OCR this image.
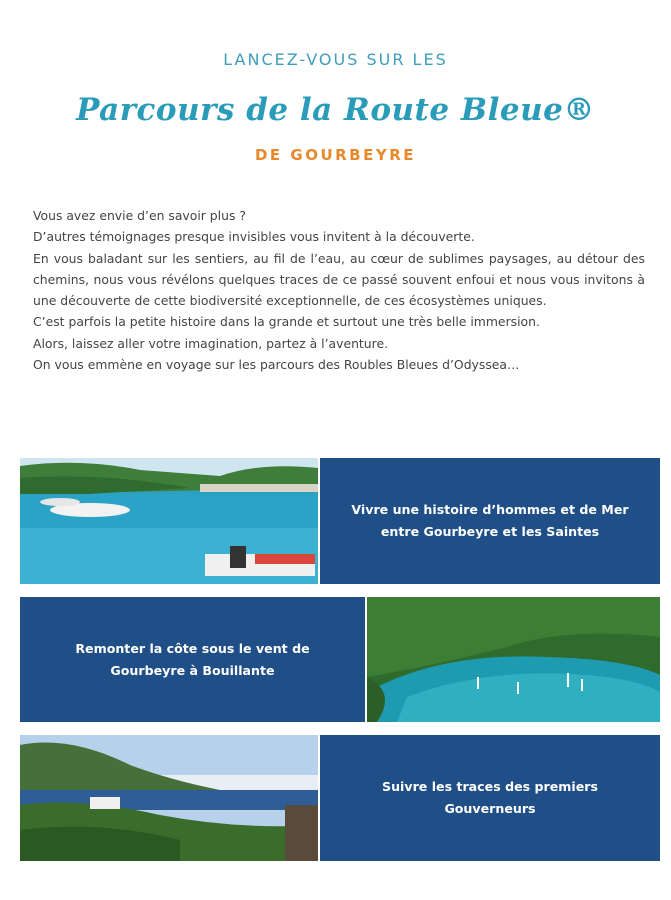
LANCEZ-VOUS SUR LES
Parcours de la Route Bleue®
DE GOURBEYRE

Vous avez envie d’en savoir plus ?

D’autres témoignages presque invisibles vous invitent à la découverte.

En vous baladant sur les sentiers, au fil de l’eau, au cœur de sublimes paysages, au détour des chemins, nous vous révélons quelques traces de ce passé souvent enfoui et nous vous invitons à une découverte de cette biodiversité exceptionnelle, de ces écosystèmes uniques.

C’est parfois la petite histoire dans la grande et surtout une très belle immersion.

Alors, laissez aller votre imagination, partez à l’aventure.

On vous emmène en voyage sur les parcours des Roubles Bleues d’Odyssea…

Vivre une histoire d’hommes et de Mer entre Gourbeyre et les Saintes
Remonter la côte sous le vent de Gourbeyre à Bouillante
Suivre les traces des premiers Gouverneurs
